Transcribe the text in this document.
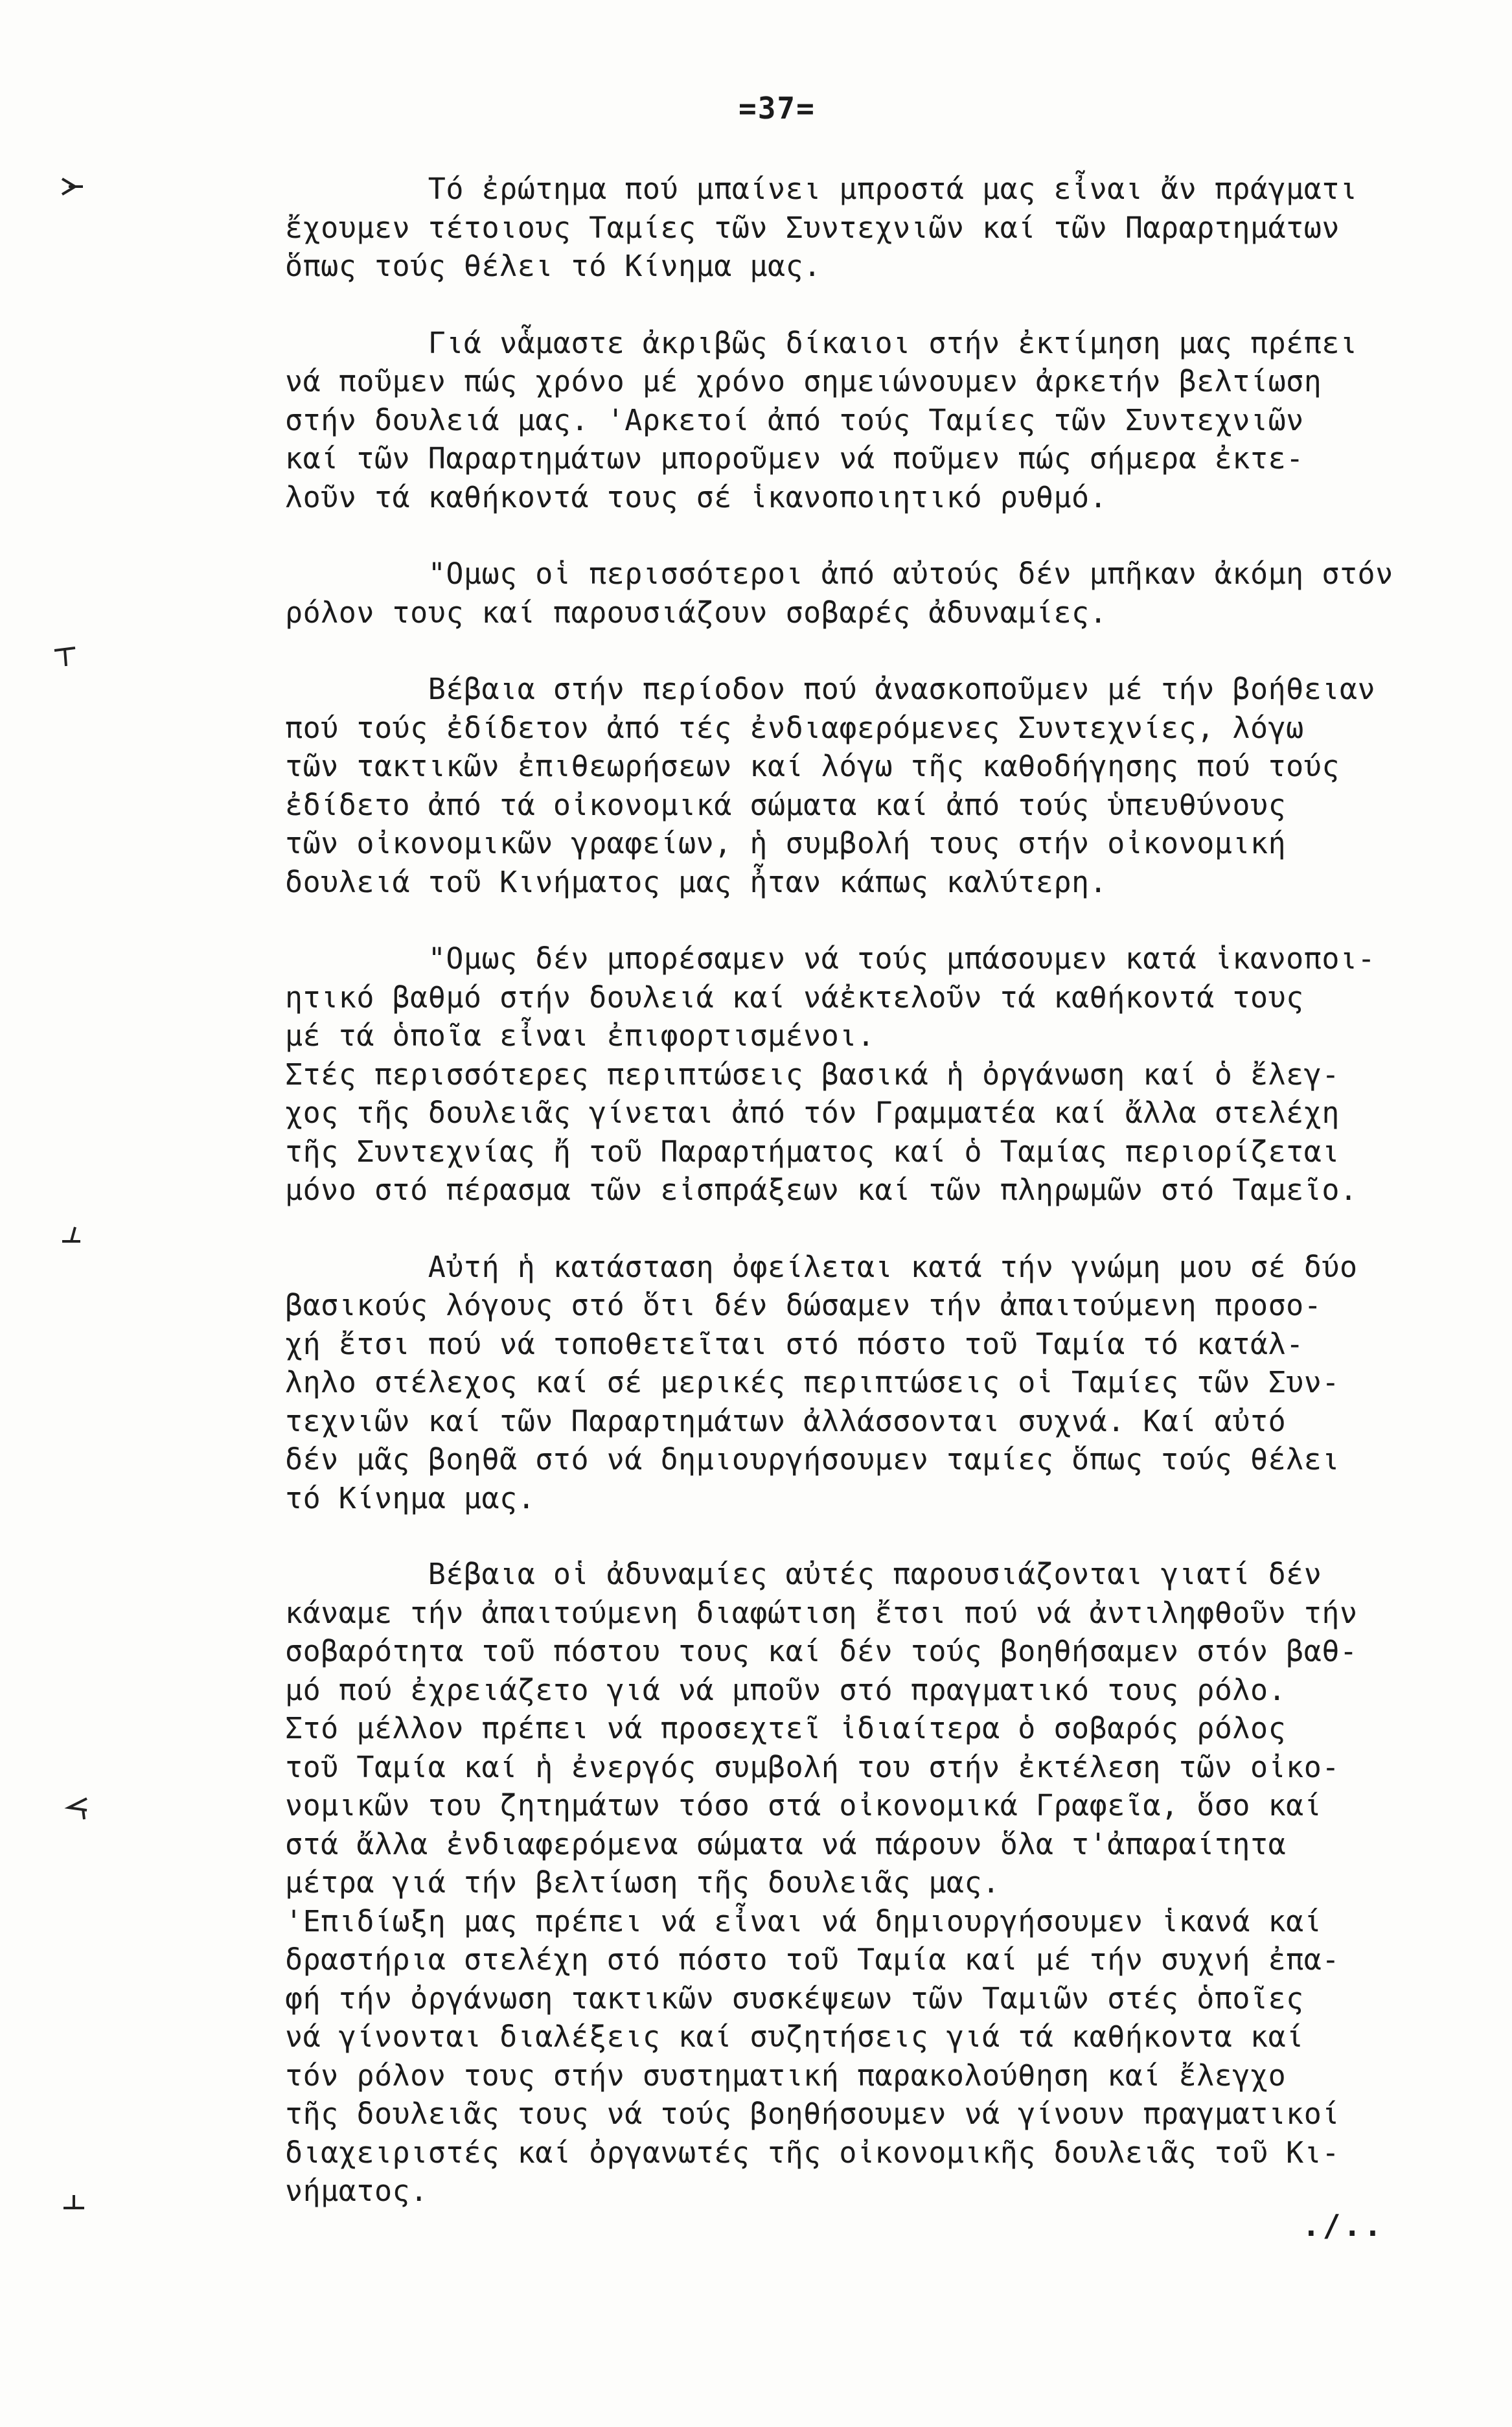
=37=
Τό ἐρώτημα πού μπαίνει μπροστά μας εἶναι ἄν πράγματι
ἔχουμεν τέτοιους Ταμίες τῶν Συντεχνιῶν καί τῶν Παραρτημάτων
ὅπως τούς θέλει τό Κίνημα μας.
Γιά νἇμαστε ἀκριβῶς δίκαιοι στήν ἐκτίμηση μας πρέπει
νά ποῦμεν πώς χρόνο μέ χρόνο σημειώνουμεν ἀρκετήν βελτίωση
στήν δουλειά μας. 'Αρκετοί ἀπό τούς Ταμίες τῶν Συντεχνιῶν
καί τῶν Παραρτημάτων μποροῦμεν νά ποῦμεν πώς σήμερα ἐκτε-
λοῦν τά καθήκοντά τους σέ ἱκανοποιητικό ρυθμό.
"Ομως οἱ περισσότεροι ἀπό αὐτούς δέν μπῆκαν ἀκόμη στόν
ρόλον τους καί παρουσιάζουν σοβαρές ἀδυναμίες.
Βέβαια στήν περίοδον πού ἀνασκοποῦμεν μέ τήν βοήθειαν
πού τούς ἐδίδετον ἀπό τές ἐνδιαφερόμενες Συντεχνίες, λόγω
τῶν τακτικῶν ἐπιθεωρήσεων καί λόγω τῆς καθοδήγησης πού τούς
ἐδίδετο ἀπό τά οἰκονομικά σώματα καί ἀπό τούς ὑπευθύνους
τῶν οἰκονομικῶν γραφείων, ἡ συμβολή τους στήν οἰκονομική
δουλειά τοῦ Κινήματος μας ἦταν κάπως καλύτερη.
"Ομως δέν μπορέσαμεν νά τούς μπάσουμεν κατά ἱκανοποι-
ητικό βαθμό στήν δουλειά καί νάἐκτελοῦν τά καθήκοντά τους
μέ τά ὁποῖα εἶναι ἐπιφορτισμένοι.
Στές περισσότερες περιπτώσεις βασικά ἡ ὀργάνωση καί ὁ ἔλεγ-
χος τῆς δουλειᾶς γίνεται ἀπό τόν Γραμματέα καί ἄλλα στελέχη
τῆς Συντεχνίας ἤ τοῦ Παραρτήματος καί ὁ Ταμίας περιορίζεται
μόνο στό πέρασμα τῶν εἰσπράξεων καί τῶν πληρωμῶν στό Ταμεῖο.
Αὐτή ἡ κατάσταση ὀφείλεται κατά τήν γνώμη μου σέ δύο
βασικούς λόγους στό ὅτι δέν δώσαμεν τήν ἀπαιτούμενη προσο-
χή ἔτσι πού νά τοποθετεῖται στό πόστο τοῦ Ταμία τό κατάλ-
ληλο στέλεχος καί σέ μερικές περιπτώσεις οἱ Ταμίες τῶν Συν-
τεχνιῶν καί τῶν Παραρτημάτων ἀλλάσσονται συχνά. Καί αὐτό
δέν μᾶς βοηθᾶ στό νά δημιουργήσουμεν ταμίες ὅπως τούς θέλει
τό Κίνημα μας.
Βέβαια οἱ ἀδυναμίες αὐτές παρουσιάζονται γιατί δέν
κάναμε τήν ἀπαιτούμενη διαφώτιση ἔτσι πού νά ἀντιληφθοῦν τήν
σοβαρότητα τοῦ πόστου τους καί δέν τούς βοηθήσαμεν στόν βαθ-
μό πού ἐχρειάζετο γιά νά μποῦν στό πραγματικό τους ρόλο.
Στό μέλλον πρέπει νά προσεχτεῖ ἰδιαίτερα ὁ σοβαρός ρόλος
τοῦ Ταμία καί ἡ ἐνεργός συμβολή του στήν ἐκτέλεση τῶν οἰκο-
νομικῶν του ζητημάτων τόσο στά οἰκονομικά Γραφεῖα, ὅσο καί
στά ἄλλα ἐνδιαφερόμενα σώματα νά πάρουν ὅλα τ'ἀπαραίτητα
μέτρα γιά τήν βελτίωση τῆς δουλειᾶς μας.
'Επιδίωξη μας πρέπει νά εἶναι νά δημιουργήσουμεν ἱκανά καί
δραστήρια στελέχη στό πόστο τοῦ Ταμία καί μέ τήν συχνή ἐπα-
φή τήν ὀργάνωση τακτικῶν συσκέψεων τῶν Ταμιῶν στές ὁποῖες
νά γίνονται διαλέξεις καί συζητήσεις γιά τά καθήκοντα καί
τόν ρόλον τους στήν συστηματική παρακολούθηση καί ἔλεγχο
τῆς δουλειᾶς τους νά τούς βοηθήσουμεν νά γίνουν πραγματικοί
διαχειριστές καί ὀργανωτές τῆς οἰκονομικῆς δουλειᾶς τοῦ Κι-
νήματος.
./..
